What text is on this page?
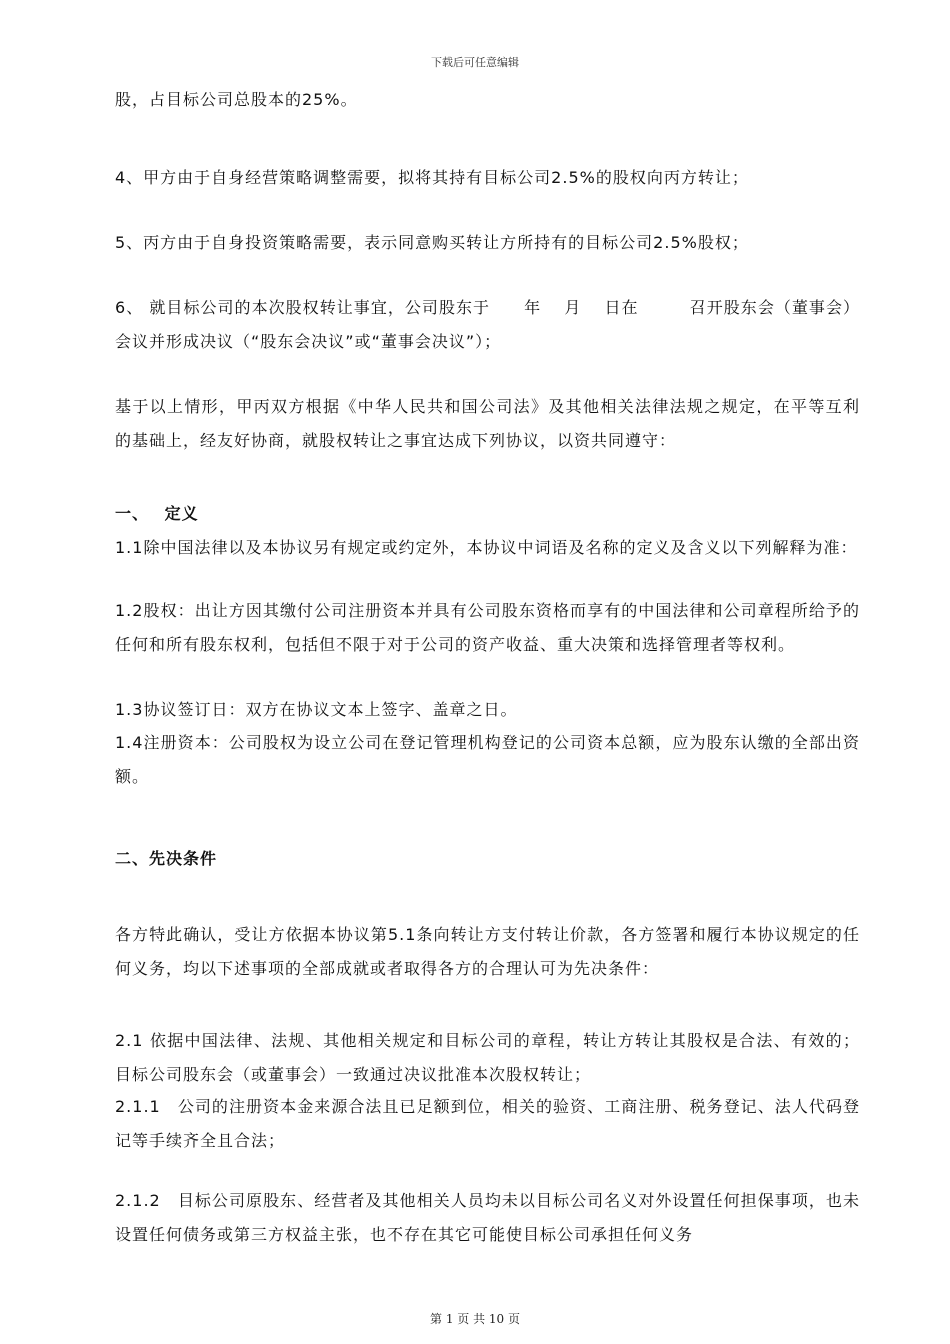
下载后可任意编辑
股，占目标公司总股本的25%。
4、甲方由于自身经营策略调整需要，拟将其持有目标公司2.5%的股权向丙方转让；
5、丙方由于自身投资策略需要，表示同意购买转让方所持有的目标公司2.5%股权；
6、 就目标公司的本次股权转让事宜，公司股东于　　年　 月　 日在　　　召开股东会（董事会）会议并形成决议（“股东会决议”或“董事会决议”）；
基于以上情形，甲丙双方根据《中华人民共和国公司法》及其他相关法律法规之规定，在平等互利的基础上，经友好协商，就股权转让之事宜达成下列协议，以资共同遵守：
一、　 定义
1.1除中国法律以及本协议另有规定或约定外，本协议中词语及名称的定义及含义以下列解释为准：
1.2股权：出让方因其缴付公司注册资本并具有公司股东资格而享有的中国法律和公司章程所给予的任何和所有股东权利，包括但不限于对于公司的资产收益、重大决策和选择管理者等权利。
1.3协议签订日：双方在协议文本上签字、盖章之日。
1.4注册资本：公司股权为设立公司在登记管理机构登记的公司资本总额，应为股东认缴的全部出资额。
二、先决条件
各方特此确认，受让方依据本协议第5.1条向转让方支付转让价款，各方签署和履行本协议规定的任何义务，均以下述事项的全部成就或者取得各方的合理认可为先决条件：
2.1 依据中国法律、法规、其他相关规定和目标公司的章程，转让方转让其股权是合法、有效的；目标公司股东会（或董事会）一致通过决议批准本次股权转让；
2.1.1　公司的注册资本金来源合法且已足额到位，相关的验资、工商注册、税务登记、法人代码登记等手续齐全且合法；
2.1.2　目标公司原股东、经营者及其他相关人员均未以目标公司名义对外设置任何担保事项，也未设置任何债务或第三方权益主张，也不存在其它可能使目标公司承担任何义务
第 1 页 共 10 页
